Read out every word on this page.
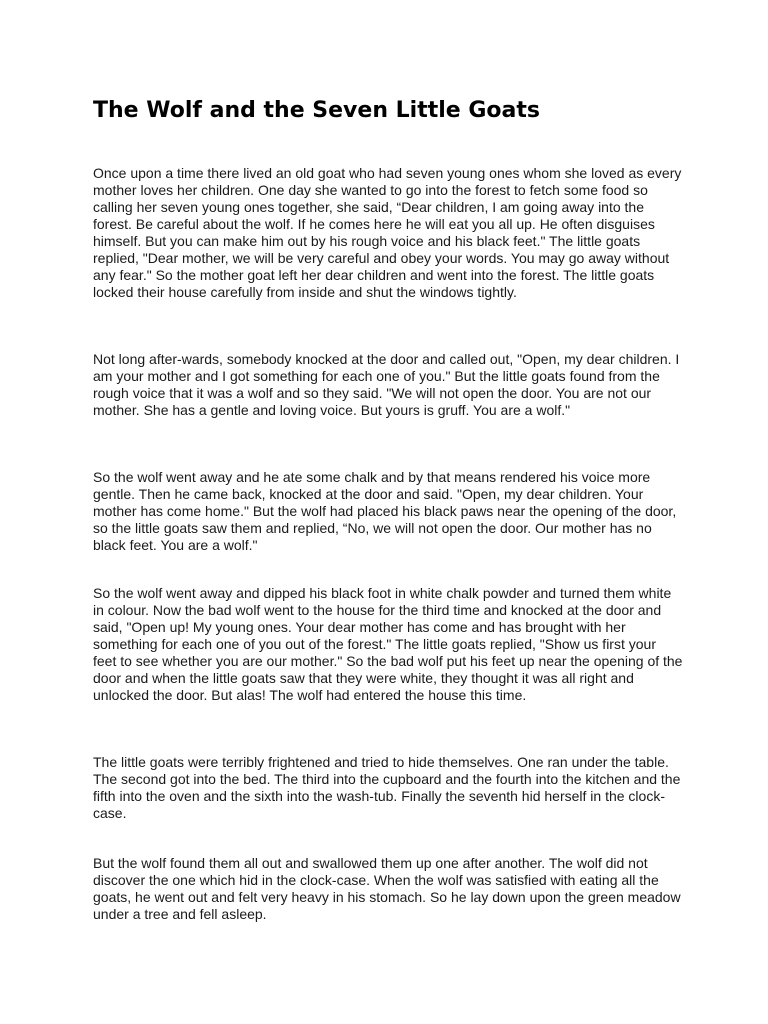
The Wolf and the Seven Little Goats

Once upon a time there lived an old goat who had seven young ones whom she loved as every mother loves her children. One day she wanted to go into the forest to fetch some food so calling her seven young ones together, she said, “Dear children, I am going away into the forest. Be careful about the wolf. If he comes here he will eat you all up. He often disguises himself. But you can make him out by his rough voice and his black feet." The little goats replied, "Dear mother, we will be very careful and obey your words. You may go away without any fear." So the mother goat left her dear children and went into the forest. The little goats locked their house carefully from inside and shut the windows tightly.

Not long after-wards, somebody knocked at the door and called out, "Open, my dear children. I am your mother and I got something for each one of you." But the little goats found from the rough voice that it was a wolf and so they said. "We will not open the door. You are not our mother. She has a gentle and loving voice. But yours is gruff. You are a wolf."

So the wolf went away and he ate some chalk and by that means rendered his voice more gentle. Then he came back, knocked at the door and said. "Open, my dear children. Your mother has come home." But the wolf had placed his black paws near the opening of the door, so the little goats saw them and replied, “No, we will not open the door. Our mother has no black feet. You are a wolf."

So the wolf went away and dipped his black foot in white chalk powder and turned them white in colour. Now the bad wolf went to the house for the third time and knocked at the door and said, "Open up! My young ones. Your dear mother has come and has brought with her something for each one of you out of the forest." The little goats replied, "Show us first your feet to see whether you are our mother." So the bad wolf put his feet up near the opening of the door and when the little goats saw that they were white, they thought it was all right and unlocked the door. But alas! The wolf had entered the house this time.

The little goats were terribly frightened and tried to hide themselves. One ran under the table. The second got into the bed. The third into the cupboard and the fourth into the kitchen and the fifth into the oven and the sixth into the wash-tub. Finally the seventh hid herself in the clock-case.

But the wolf found them all out and swallowed them up one after another. The wolf did not discover the one which hid in the clock-case. When the wolf was satisfied with eating all the goats, he went out and felt very heavy in his stomach. So he lay down upon the green meadow under a tree and fell asleep.
